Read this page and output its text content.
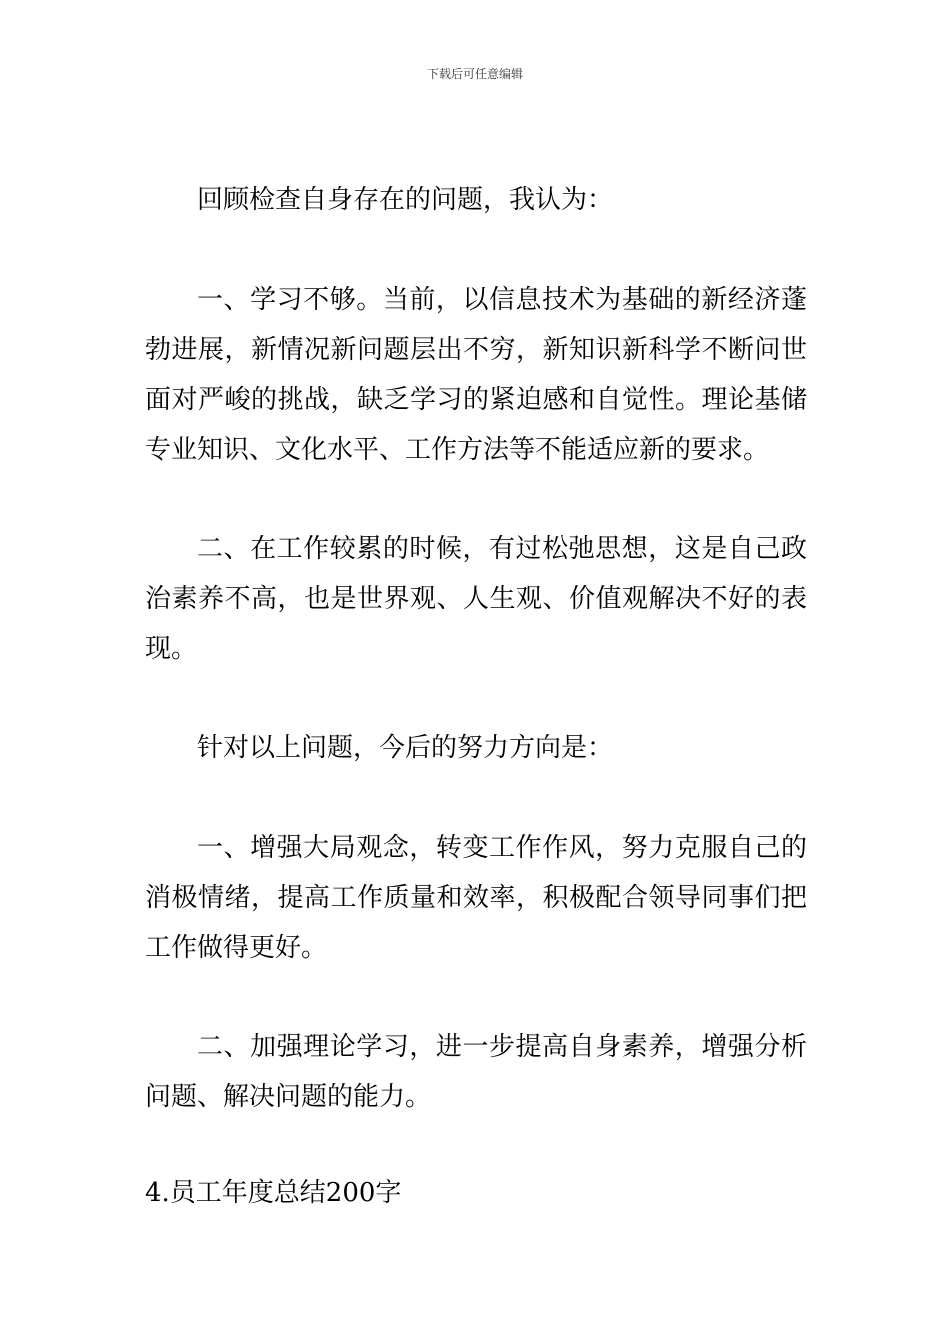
下载后可任意编辑

回顾检查自身存在的问题，我认为：

一、学习不够。当前，以信息技术为基础的新经济蓬勃进展，新情况新问题层出不穷，新知识新科学不断问世面对严峻的挑战，缺乏学习的紧迫感和自觉性。理论基储专业知识、文化水平、工作方法等不能适应新的要求。

二、在工作较累的时候，有过松弛思想，这是自己政治素养不高，也是世界观、人生观、价值观解决不好的表现。

针对以上问题，今后的努力方向是：

一、增强大局观念，转变工作作风，努力克服自己的消极情绪，提高工作质量和效率，积极配合领导同事们把工作做得更好。

二、加强理论学习，进一步提高自身素养，增强分析问题、解决问题的能力。

4.员工年度总结200字
